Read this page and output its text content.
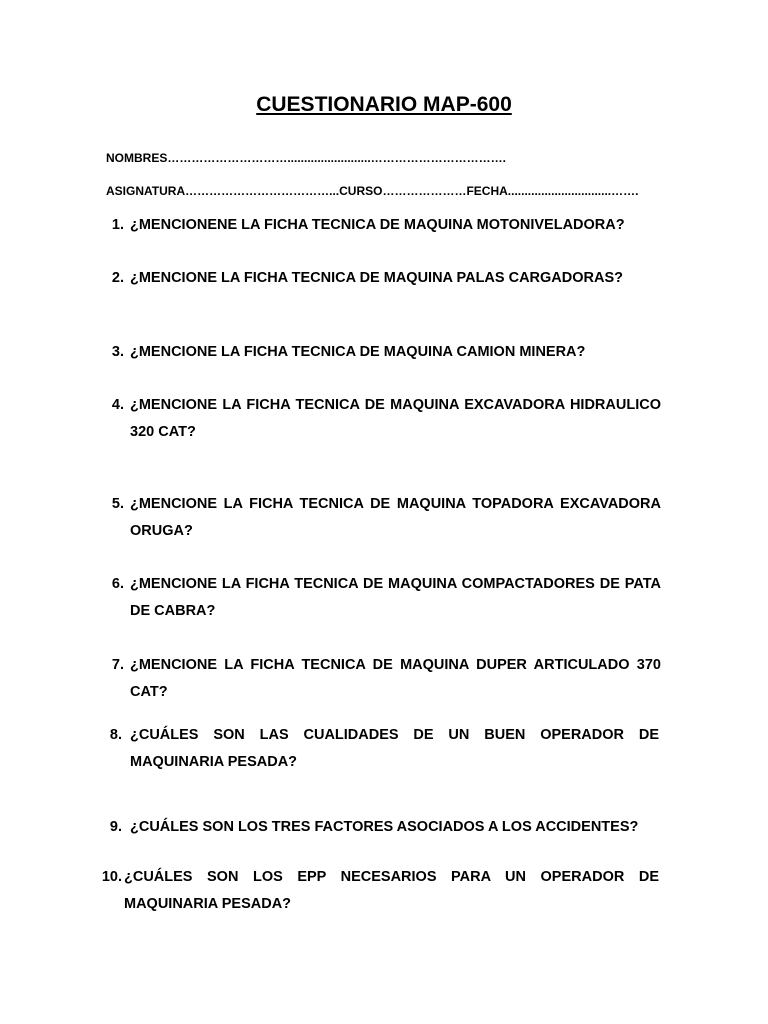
CUESTIONARIO MAP-600
NOMBRES………………………….........................…………………………….
ASIGNATURA………………………………...CURSO…………………FECHA...............................…….
1. ¿MENCIONENE LA FICHA TECNICA DE MAQUINA MOTONIVELADORA?
2. ¿MENCIONE LA FICHA TECNICA DE MAQUINA PALAS CARGADORAS?
3. ¿MENCIONE LA FICHA TECNICA DE MAQUINA CAMION MINERA?
4. ¿MENCIONE LA FICHA TECNICA DE MAQUINA EXCAVADORA HIDRAULICO 320 CAT?
5. ¿MENCIONE LA FICHA TECNICA DE MAQUINA TOPADORA EXCAVADORA ORUGA?
6. ¿MENCIONE LA FICHA TECNICA DE MAQUINA COMPACTADORES DE PATA DE CABRA?
7. ¿MENCIONE LA FICHA TECNICA DE MAQUINA DUPER ARTICULADO 370 CAT?
8. ¿CUÁLES SON LAS CUALIDADES DE UN BUEN OPERADOR DE MAQUINARIA PESADA?
9. ¿CUÁLES SON LOS TRES FACTORES ASOCIADOS A LOS ACCIDENTES?
10. ¿CUÁLES SON LOS EPP NECESARIOS PARA UN OPERADOR DE MAQUINARIA PESADA?
